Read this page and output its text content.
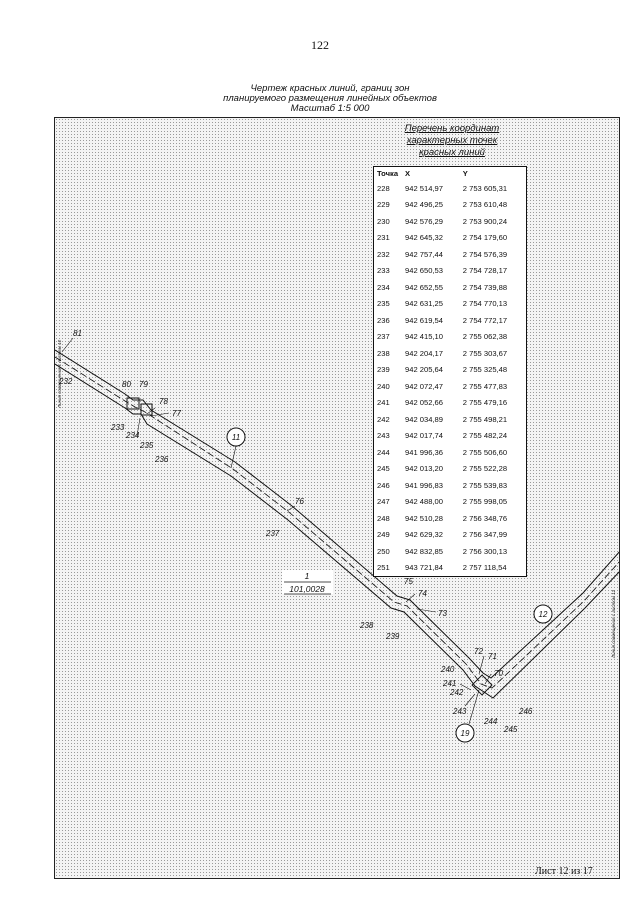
122
Чертеж красных линий, границ зон
планируемого размещения линейных объектов
Масштаб 1:5 000
81
232	80 79
78
77
233
234
235
236
76
237
75
74
73
238
239
72
71
70
240
241
242
243
244
245
246
11
12
19
1
101,0028
Линия совмещения с листом 10
Линия совмещения с листом 12
Перечень координат
характерных точек
красных линий
Точка	X	Y
228	942 514,97	2 753 605,31
229	942 496,25	2 753 610,48
230	942 576,29	2 753 900,24
231	942 645,32	2 754 179,60
232	942 757,44	2 754 576,39
233	942 650,53	2 754 728,17
234	942 652,55	2 754 739,88
235	942 631,25	2 754 770,13
236	942 619,54	2 754 772,17
237	942 415,10	2 755 062,38
238	942 204,17	2 755 303,67
239	942 205,64	2 755 325,48
240	942 072,47	2 755 477,83
241	942 052,66	2 755 479,16
242	942 034,89	2 755 498,21
243	942 017,74	2 755 482,24
244	941 996,36	2 755 506,60
245	942 013,20	2 755 522,28
246	941 996,83	2 755 539,83
247	942 488,00	2 755 998,05
248	942 510,28	2 756 348,76
249	942 629,32	2 756 347,99
250	942 832,85	2 756 300,13
251	943 721,84	2 757 118,54
Лист 12 из 17
